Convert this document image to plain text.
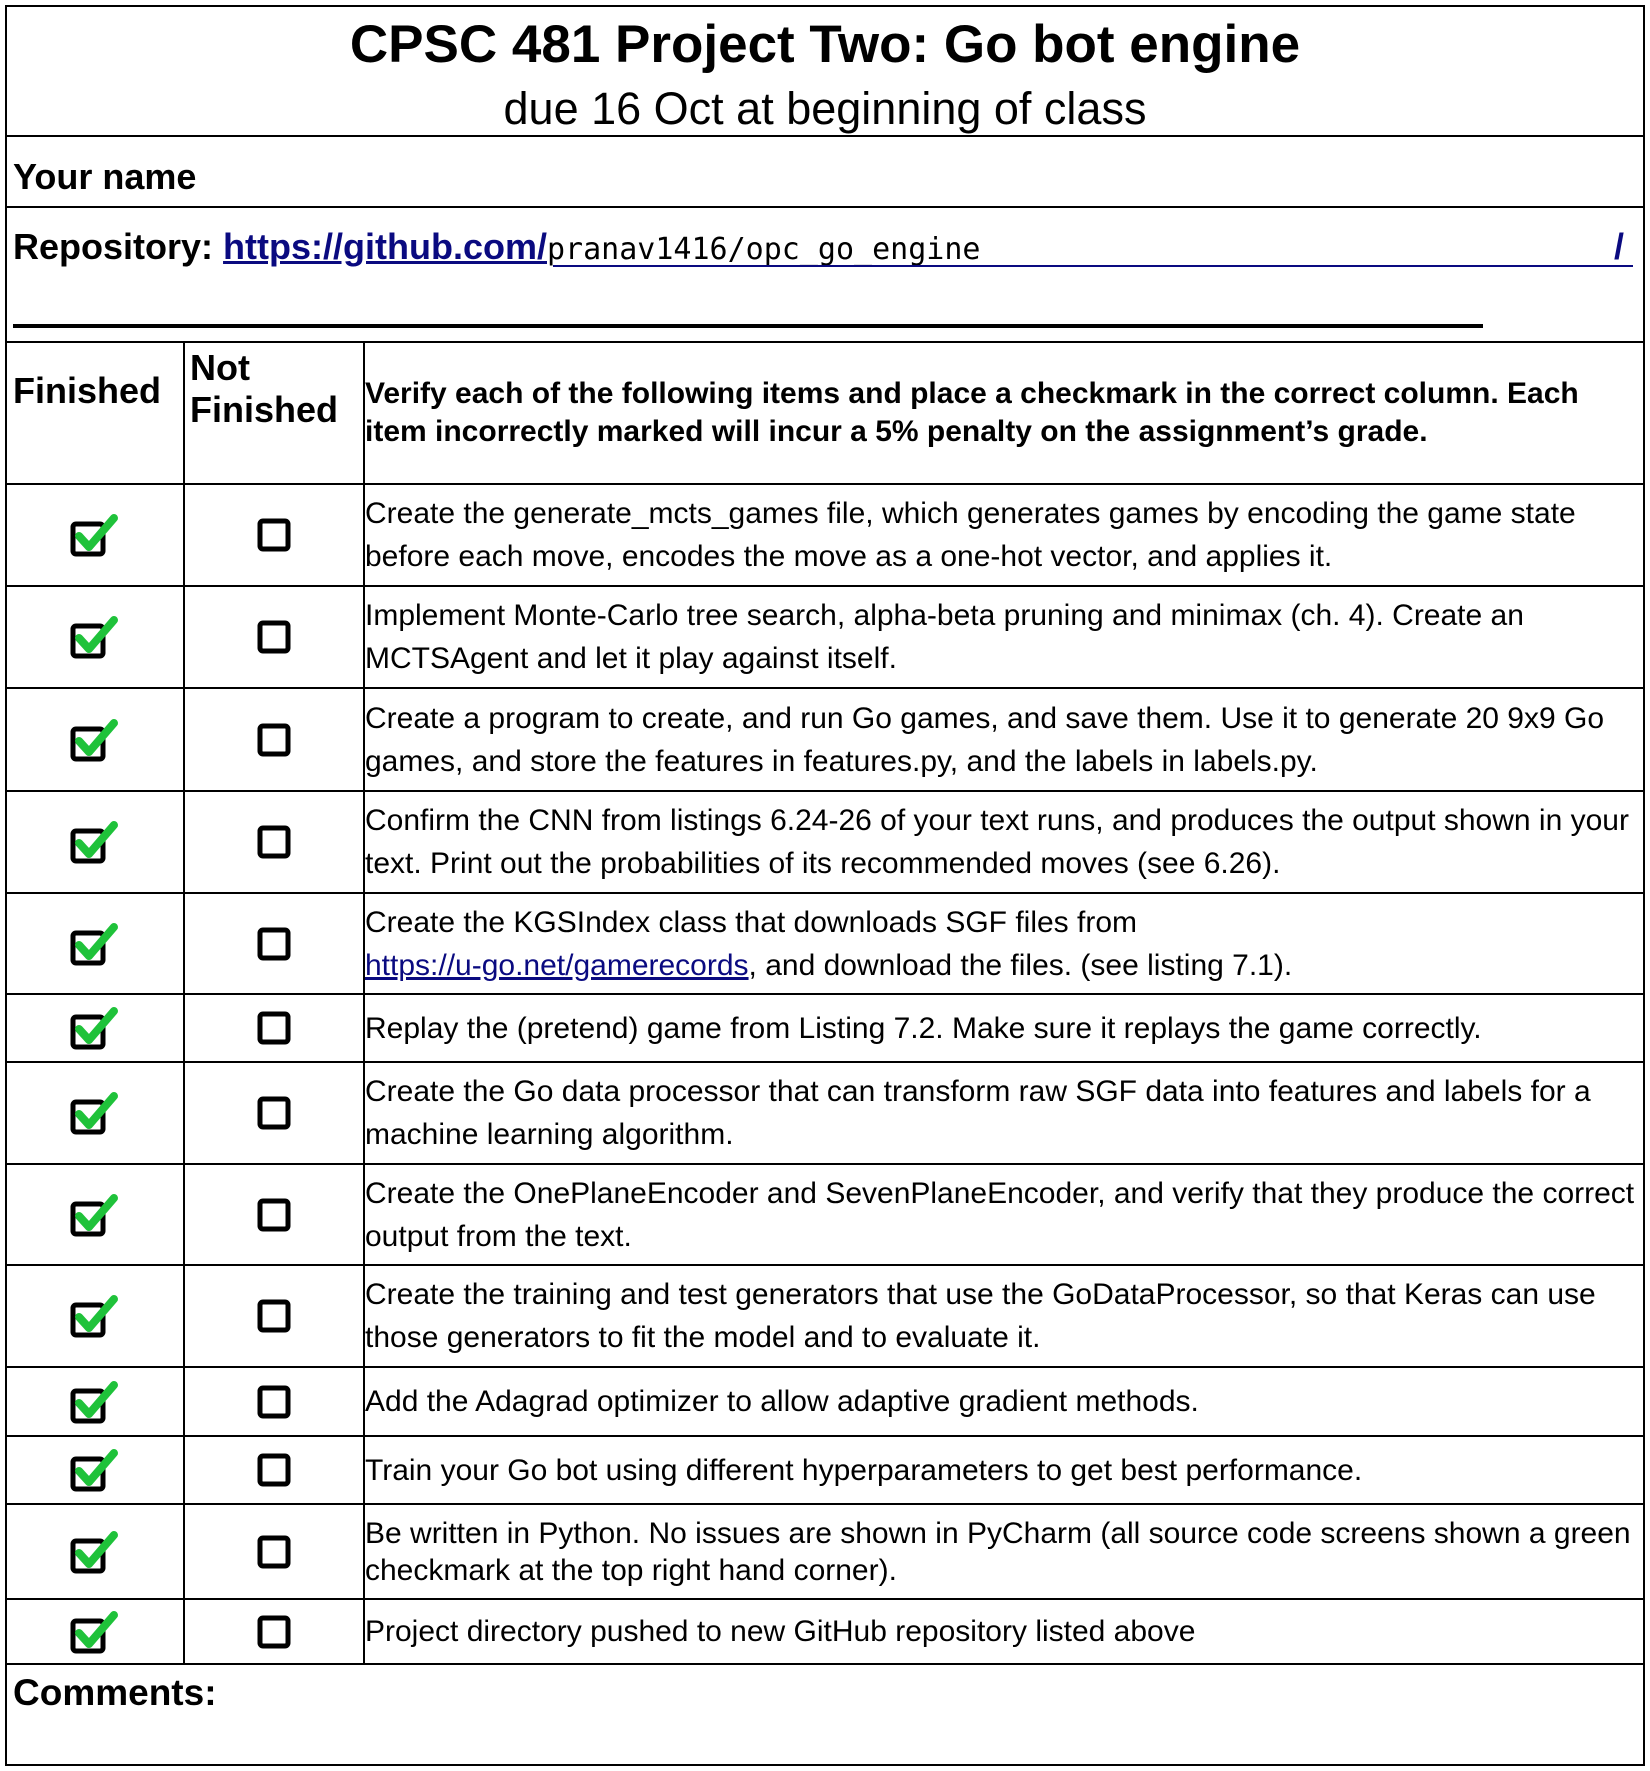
CPSC 481 Project Two: Go bot engine
due 16 Oct at beginning of class
Your name
Repository: https://github.com/pranav1416/opc_go_engine	/
Finished
Not
Finished Verify each of the following items and place a checkmark in the correct column. Each item incorrectly marked will incur a 5% penalty on the assignment’s grade.
Create the generate_mcts_games file, which generates games by encoding the game state before each move, encodes the move as a one-hot vector, and applies it.
Implement Monte-Carlo tree search, alpha-beta pruning and minimax (ch. 4). Create an MCTSAgent and let it play against itself.
Create a program to create, and run Go games, and save them. Use it to generate 20 9x9 Go games, and store the features in features.py, and the labels in labels.py.
Confirm the CNN from listings 6.24-26 of your text runs, and produces the output shown in your text. Print out the probabilities of its recommended moves (see 6.26).
Create the KGSIndex class that downloads SGF files from
https://u-go.net/gamerecords, and download the files. (see listing 7.1).
Replay the (pretend) game from Listing 7.2. Make sure it replays the game correctly.
Create the Go data processor that can transform raw SGF data into features and labels for a machine learning algorithm.
Create the OnePlaneEncoder and SevenPlaneEncoder, and verify that they produce the correct output from the text.
Create the training and test generators that use the GoDataProcessor, so that Keras can use those generators to fit the model and to evaluate it.
Add the Adagrad optimizer to allow adaptive gradient methods.
Train your Go bot using different hyperparameters to get best performance.
Be written in Python. No issues are shown in PyCharm (all source code screens shown a green checkmark at the top right hand corner).
Project directory pushed to new GitHub repository listed above
Comments:
